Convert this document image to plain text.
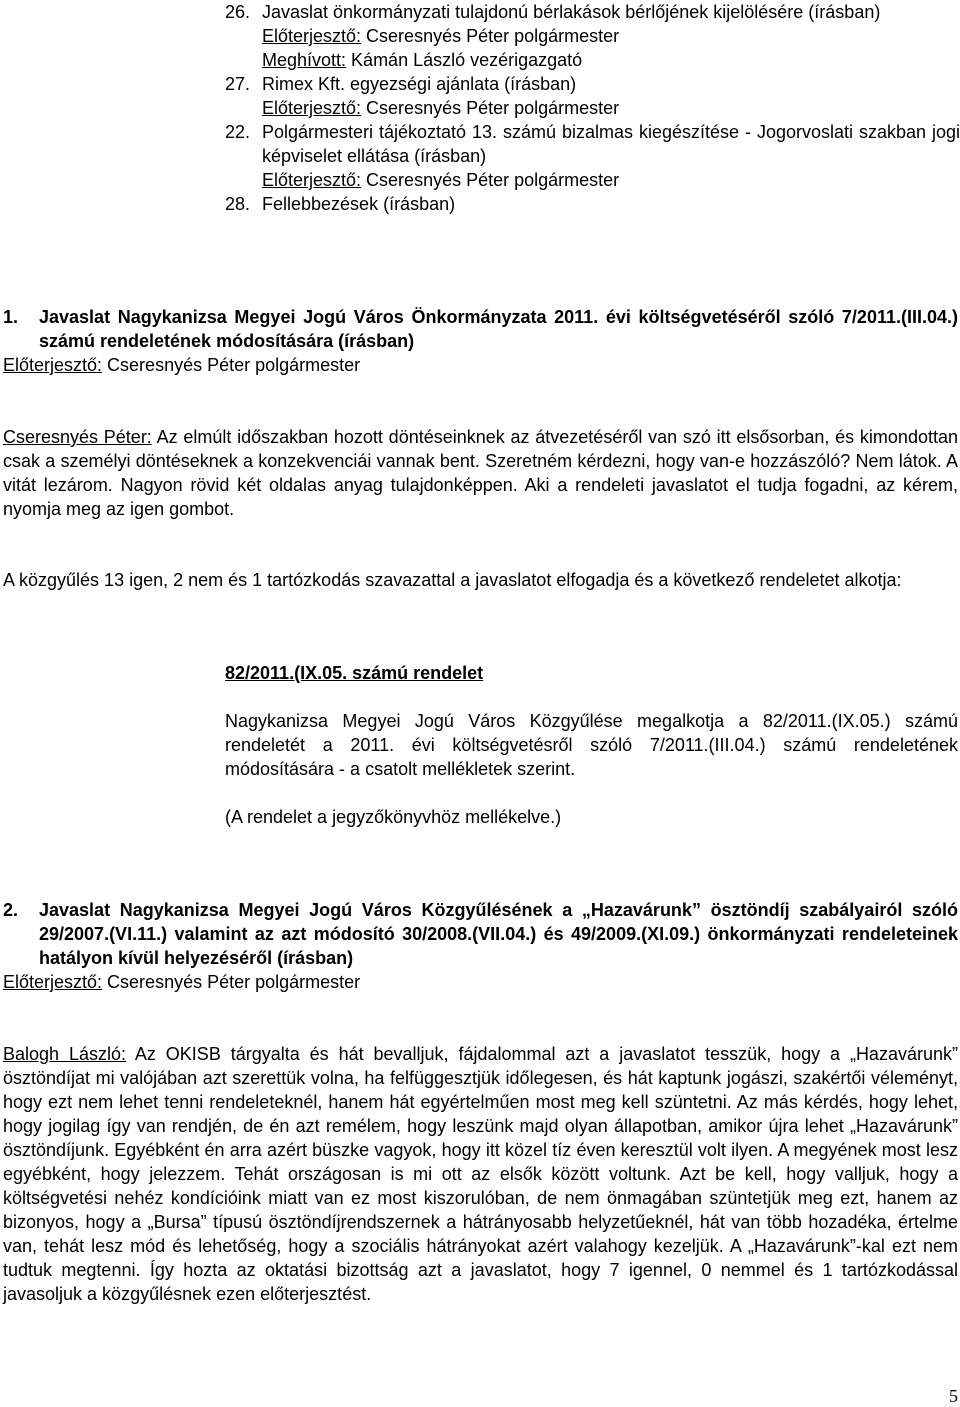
26. Javaslat önkormányzati tulajdonú bérlakások bérlőjének kijelölésére (írásban)
Előterjesztő: Cseresnyés Péter polgármester
Meghívott: Kámán László vezérigazgató
27. Rimex Kft. egyezségi ajánlata (írásban)
Előterjesztő: Cseresnyés Péter polgármester
22. Polgármesteri tájékoztató 13. számú bizalmas kiegészítése - Jogorvoslati szakban jogi képviselet ellátása (írásban)
Előterjesztő: Cseresnyés Péter polgármester
28. Fellebbezések (írásban)
1.	Javaslat Nagykanizsa Megyei Jogú Város Önkormányzata 2011. évi költségvetéséről szóló 7/2011.(III.04.) számú rendeletének módosítására (írásban)
Előterjesztő: Cseresnyés Péter polgármester

Cseresnyés Péter: Az elmúlt időszakban hozott döntéseinknek az átvezetéséről van szó itt elsősorban, és kimondottan csak a személyi döntéseknek a konzekvenciái vannak bent. Szeretném kérdezni, hogy van-e hozzászóló? Nem látok. A vitát lezárom. Nagyon rövid két oldalas anyag tulajdonképpen. Aki a rendeleti javaslatot el tudja fogadni, az kérem, nyomja meg az igen gombot.

A közgyűlés 13 igen, 2 nem és 1 tartózkodás szavazattal a javaslatot elfogadja és a következő rendeletet alkotja:

82/2011.(IX.05. számú rendelet

Nagykanizsa Megyei Jogú Város Közgyűlése megalkotja a 82/2011.(IX.05.) számú rendeletét a 2011. évi költségvetésről szóló 7/2011.(III.04.) számú rendeletének módosítására - a csatolt mellékletek szerint.

(A rendelet a jegyzőkönyvhöz mellékelve.)
2.	Javaslat Nagykanizsa Megyei Jogú Város Közgyűlésének a „Hazavárunk” ösztöndíj szabályairól szóló 29/2007.(VI.11.) valamint az azt módosító 30/2008.(VII.04.) és 49/2009.(XI.09.) önkormányzati rendeleteinek hatályon kívül helyezéséről (írásban)
Előterjesztő: Cseresnyés Péter polgármester

Balogh László: Az OKISB tárgyalta és hát bevalljuk, fájdalommal azt a javaslatot tesszük, hogy a „Hazavárunk” ösztöndíjat mi valójában azt szerettük volna, ha felfüggesztjük időlegesen, és hát kaptunk jogászi, szakértői véleményt, hogy ezt nem lehet tenni rendeleteknél, hanem hát egyértelműen most meg kell szüntetni. Az más kérdés, hogy lehet, hogy jogilag így van rendjén, de én azt remélem, hogy leszünk majd olyan állapotban, amikor újra lehet „Hazavárunk” ösztöndíjunk. Egyébként én arra azért büszke vagyok, hogy itt közel tíz éven keresztül volt ilyen. A megyének most lesz egyébként, hogy jelezzem. Tehát országosan is mi ott az elsők között voltunk. Azt be kell, hogy valljuk, hogy a költségvetési nehéz kondícióink miatt van ez most kiszorulóban, de nem önmagában szüntetjük meg ezt, hanem az bizonyos, hogy a „Bursa” típusú ösztöndíjrendszernek a hátrányosabb helyzetűeknél, hát van több hozadéka, értelme van, tehát lesz mód és lehetőség, hogy a szociális hátrányokat azért valahogy kezeljük. A „Hazavárunk”-kal ezt nem tudtuk megtenni. Így hozta az oktatási bizottság azt a javaslatot, hogy 7 igennel, 0 nemmel és 1 tartózkodással javasoljuk a közgyűlésnek ezen előterjesztést.

5
